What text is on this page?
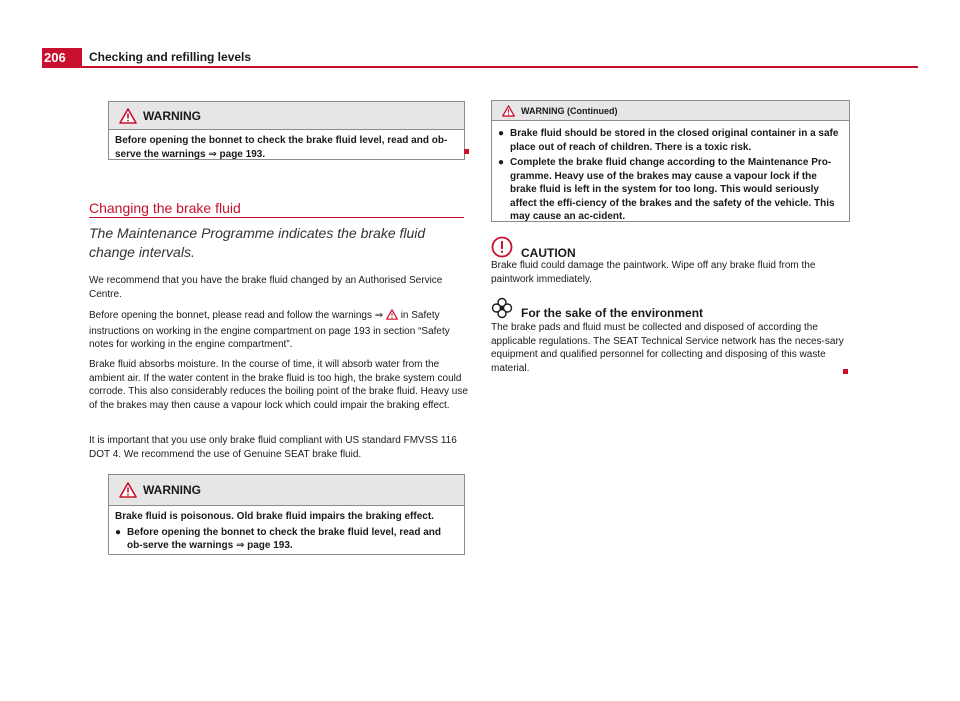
206	Checking and refilling levels
WARNING
Before opening the bonnet to check the brake fluid level, read and ob-serve the warnings ⇒ page 193.
Changing the brake fluid
The Maintenance Programme indicates the brake fluid change intervals.

We recommend that you have the brake fluid changed by an Authorised Service Centre.

Before opening the bonnet, please read and follow the warnings ⇒ in Safety instructions on working in the engine compartment on page 193 in section “Safety notes for working in the engine compartment”.

Brake fluid absorbs moisture. In the course of time, it will absorb water from the ambient air. If the water content in the brake fluid is too high, the brake system could corrode. This also considerably reduces the boiling point of the brake fluid. Heavy use of the brakes may then cause a vapour lock which could impair the braking effect.

It is important that you use only brake fluid compliant with US standard FMVSS 116 DOT 4. We recommend the use of Genuine SEAT brake fluid.

WARNING
Brake fluid is poisonous. Old brake fluid impairs the braking effect.
● Before opening the bonnet to check the brake fluid level, read and ob-serve the warnings ⇒ page 193.
WARNING (Continued)
● Brake fluid should be stored in the closed original container in a safe place out of reach of children. There is a toxic risk.
● Complete the brake fluid change according to the Maintenance Pro-gramme. Heavy use of the brakes may cause a vapour lock if the brake fluid is left in the system for too long. This would seriously affect the effi-ciency of the brakes and the safety of the vehicle. This may cause an ac-cident.
CAUTION

Brake fluid could damage the paintwork. Wipe off any brake fluid from the paintwork immediately.

For the sake of the environment

The brake pads and fluid must be collected and disposed of according the applicable regulations. The SEAT Technical Service network has the neces-sary equipment and qualified personnel for collecting and disposing of this waste material.
